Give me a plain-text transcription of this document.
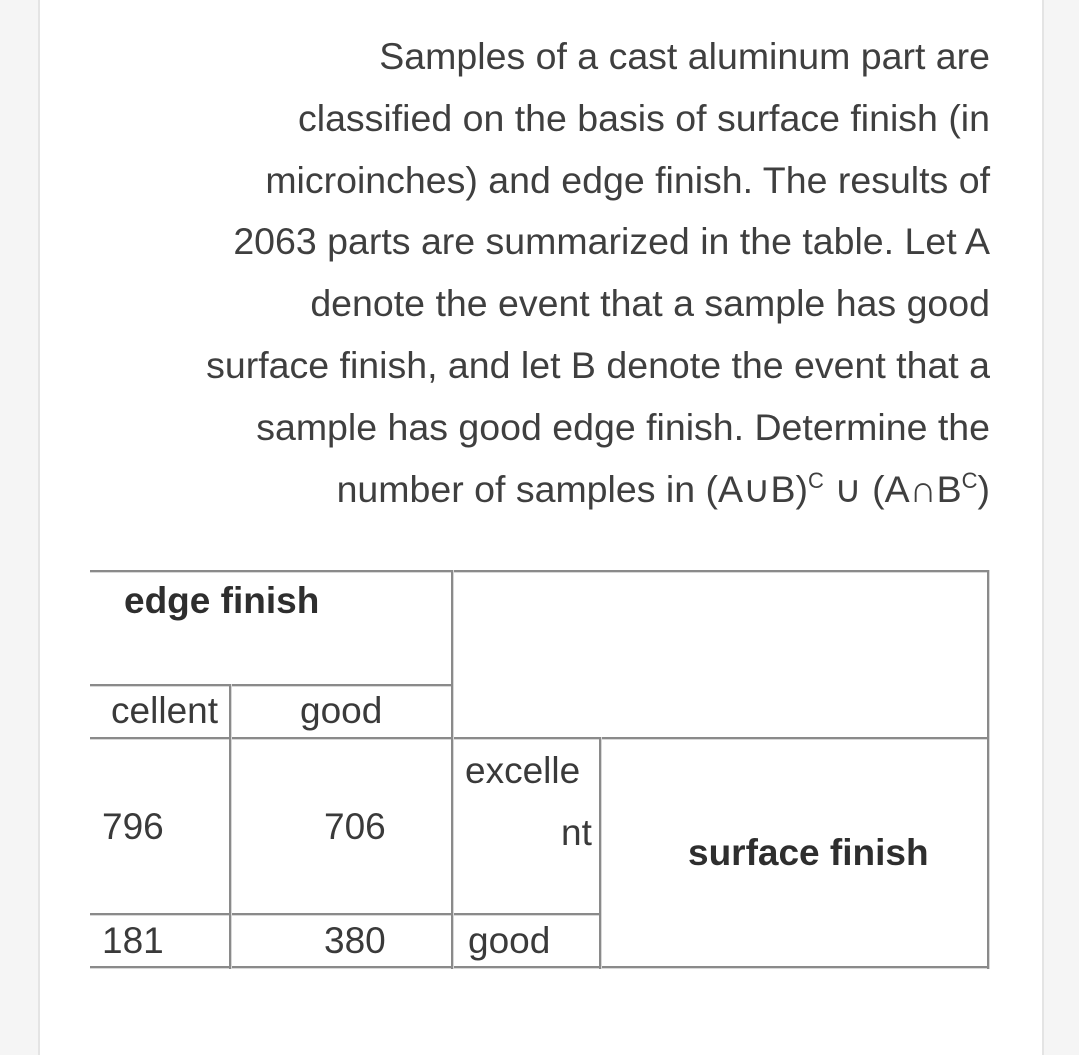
Samples of a cast aluminum part are
classified on the basis of surface finish (in
microinches) and edge finish. The results of
2063 parts are summarized in the table. Let A
denote the event that a sample has good
surface finish, and let B denote the event that a
sample has good edge finish. Determine the
number of samples in (A∪B)$^C$ ∪ $(A\cap B^C)$
edge finish
cellent good
796	706
excelle
nt	surface finish
181	380 good
